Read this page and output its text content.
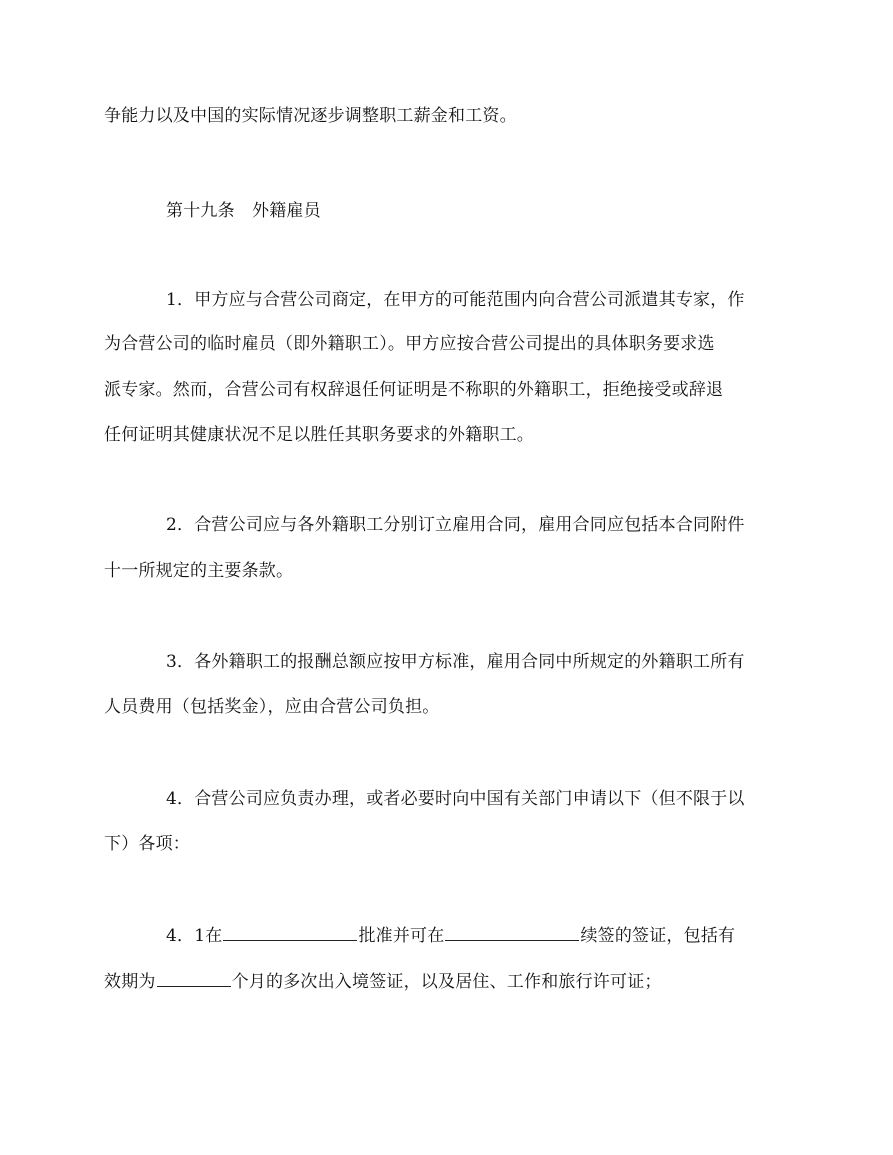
争能力以及中国的实际情况逐步调整职工薪金和工资。
第十九条　外籍雇员
1．甲方应与合营公司商定，在甲方的可能范围内向合营公司派遣其专家，作
为合营公司的临时雇员（即外籍职工）。甲方应按合营公司提出的具体职务要求选
派专家。然而，合营公司有权辞退任何证明是不称职的外籍职工，拒绝接受或辞退
任何证明其健康状况不足以胜任其职务要求的外籍职工。
2．合营公司应与各外籍职工分别订立雇用合同，雇用合同应包括本合同附件
十一所规定的主要条款。
3．各外籍职工的报酬总额应按甲方标准，雇用合同中所规定的外籍职工所有
人员费用（包括奖金），应由合营公司负担。
4．合营公司应负责办理，或者必要时向中国有关部门申请以下（但不限于以
下）各项：
4．1在	批准并可在	续签的签证，包括有
效期为	个月的多次出入境签证，以及居住、工作和旅行许可证；
